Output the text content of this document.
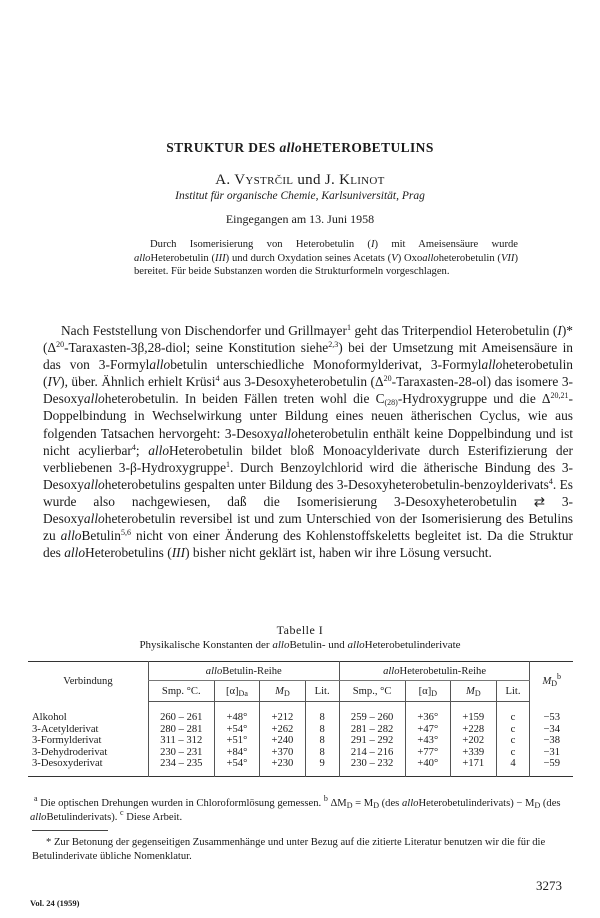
STRUKTUR DES alloHETEROBETULINS
A. Vystrčil und J. Klinot
Institut für organische Chemie, Karlsuniversität, Prag
Eingegangen am 13. Juni 1958
Durch Isomerisierung von Heterobetulin (I) mit Ameisensäure wurde alloHeterobetulin (III) und durch Oxydation seines Acetats (V) Oxoalloheterobetulin (VII) bereitet. Für beide Substanzen worden die Strukturformeln vorgeschlagen.
Nach Feststellung von Dischendorfer und Grillmayer$^1$ geht das Triterpendiol Heterobetulin (I)* ($\Delta^{20}-Taraxasten-3\beta,28$-diol; seine Konstitution siehe$^{2,3}$) bei der Umsetzung mit Ameisensäure in das von 3-Formylallobetulin unterschiedliche Monoformylderivat, 3-Formylalloheterobetulin (IV), über. Ähnlich erhielt Krüsi$^4$ aus 3-Desoxyheterobetulin $(\Delta^{20}-Taraxasten-28-ol)$ das isomere 3-Desoxyalloheterobetulin. In beiden Fällen treten wohl die $C_{(28)}$-Hydroxygruppe und die Δ$^{20,21}$-Doppelbindung in Wechselwirkung unter Bildung eines neuen ätherischen Cyclus, wie aus folgenden Tatsachen hervorgeht: 3-Desoxyalloheterobetulin enthält keine Doppelbindung und ist nicht acylierbar$^4$; alloHeterobetulin bildet bloß Monoacylderivate durch Esterifizierung der verbliebenen 3-β-Hydroxygruppe$^1$. Durch Benzoylchlorid wird die ätherische Bindung des 3-Desoxyalloheterobetulins gespalten unter Bildung des 3-Desoxyheterobetulin-benzoylderivats$^4$. Es wurde also nachgewiesen, daß die Isomerisierung 3-Desoxyheterobetulin ⇄ 3-Desoxyalloheterobetulin reversibel ist und zum Unterschied von der Isomerisierung des Betulins zu alloBetulin$^{5,6}$ nicht von einer Änderung des Kohlenstoffskeletts begleitet ist. Da die Struktur des alloHeterobetulins (III) bisher nicht geklärt ist, haben wir ihre Lösung versucht.
Tabelle I
Physikalische Konstanten der alloBetulin- und alloHeterobetulinderivate
Verbindung	alloBetulin-Reihe				alloHeterobetulin-Reihe				$M_D^b$
	Smp. °C.	$[\alpha]_{Da}$	$M_D$	Lit.	Smp., °C	$[\alpha]_D$	$M_D$	Lit.	

Alkohol	260 – 261	+48°	+212	8	259 – 260	+36°	+159	c	−53
3-Acetylderivat	280 – 281	+54°	+262	8	281 – 282	+47°	+228	c	−34
3-Formylderivat	311 – 312	+51°	+240	8	291 – 292	+43°	+202	c	−38
3-Dehydroderivat	230 – 231	+84°	+370	8	214 – 216	+77°	+339	c	−31
3-Desoxyderivat	234 – 235	+54°	+230	9	230 – 232	+40°	+171	4	−59

$^a$ Die optischen Drehungen wurden in Chloroformlösung gemessen. $^b$ $\Delta M_D = M_D$ (des alloHeterobetulinderivats) − $M_D$ (des alloBetulinderivats). $^c$ Diese Arbeit.
* Zur Betonung der gegenseitigen Zusammenhänge und unter Bezug auf die zitierte Literatur benutzen wir die für die Betulinderivate übliche Nomenklatur.
Vol. 24 (1959)
3273
